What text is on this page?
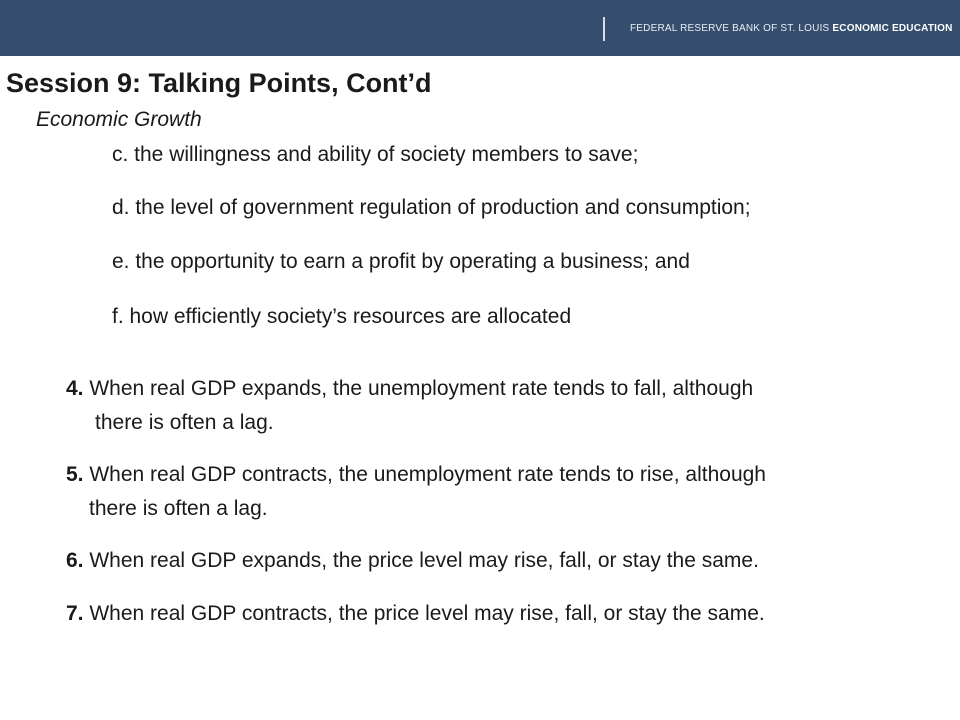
FEDERAL RESERVE BANK OF ST. LOUIS ECONOMIC EDUCATION
Session 9: Talking Points, Cont’d
Economic Growth
c. the willingness and ability of society members to save;
d. the level of government regulation of production and consumption;
e. the opportunity to earn a profit by operating a business; and
f. how efficiently society’s resources are allocated
4. When real GDP expands, the unemployment rate tends to fall, although
there is often a lag.
5. When real GDP contracts, the unemployment rate tends to rise, although
there is often a lag.
6. When real GDP expands, the price level may rise, fall, or stay the same.
7. When real GDP contracts, the price level may rise, fall, or stay the same.
